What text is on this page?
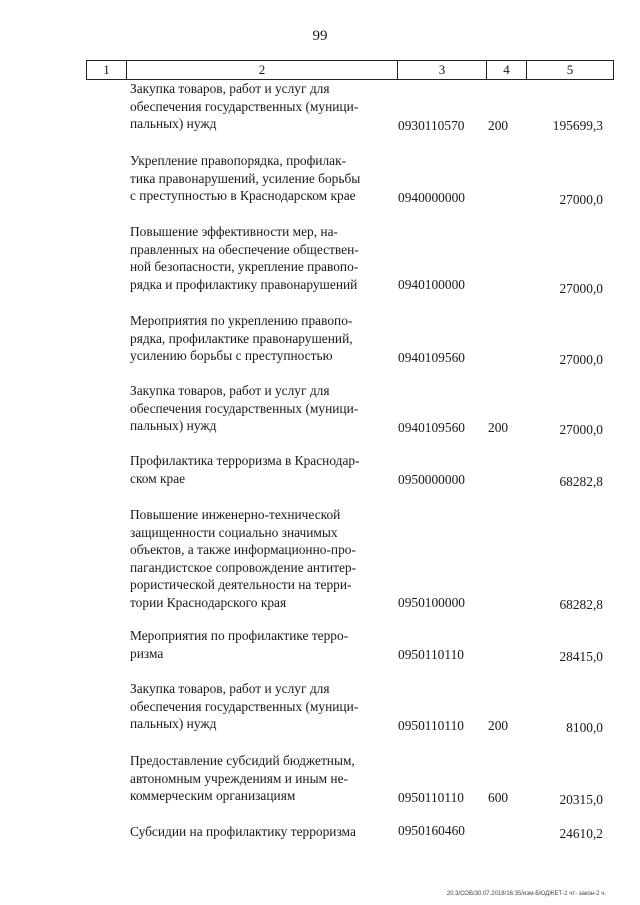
99
1	2	3	4	5

Закупка товаров, работ и услуг для

обеспечения государственных (муници-

пальных) нужд	0930110570 200	195699,3

Укрепление правопорядка, профилак-

тика правонарушений, усиление борьбы

с преступностью в Краснодарском крае	0940000000	27000,0

Повышение эффективности мер, на-

правленных на обеспечение обществен-

ной безопасности, укрепление правопо-

рядка и профилактику правонарушений	0940100000	27000,0

Мероприятия по укреплению правопо-

рядка, профилактике правонарушений,

усилению борьбы с преступностью	0940109560	27000,0

Закупка товаров, работ и услуг для

обеспечения государственных (муници-

пальных) нужд	0940109560 200	27000,0

Профилактика терроризма в Краснодар-

ском крае	0950000000	68282,8

Повышение инженерно-технической

защищенности социально значимых

объектов, а также информационно-про-

пагандистское сопровождение антитер-

рористической деятельности на терри-

тории Краснодарского края	0950100000	68282,8

Мероприятия по профилактике терро-

ризма	0950110110	28415,0

Закупка товаров, работ и услуг для

обеспечения государственных (муници-

пальных) нужд	0950110110 200	8100,0

Предоставление субсидий бюджетным,

автономным учреждениям и иным не-

коммерческим организациям	0950110110 600	20315,0

Субсидии на профилактику терроризма	0950160460	24610,2
20.3/СОВ/30.07.2018/16:35/изм-БЮДЖЕТ-2 чт- закон-2 ч.
